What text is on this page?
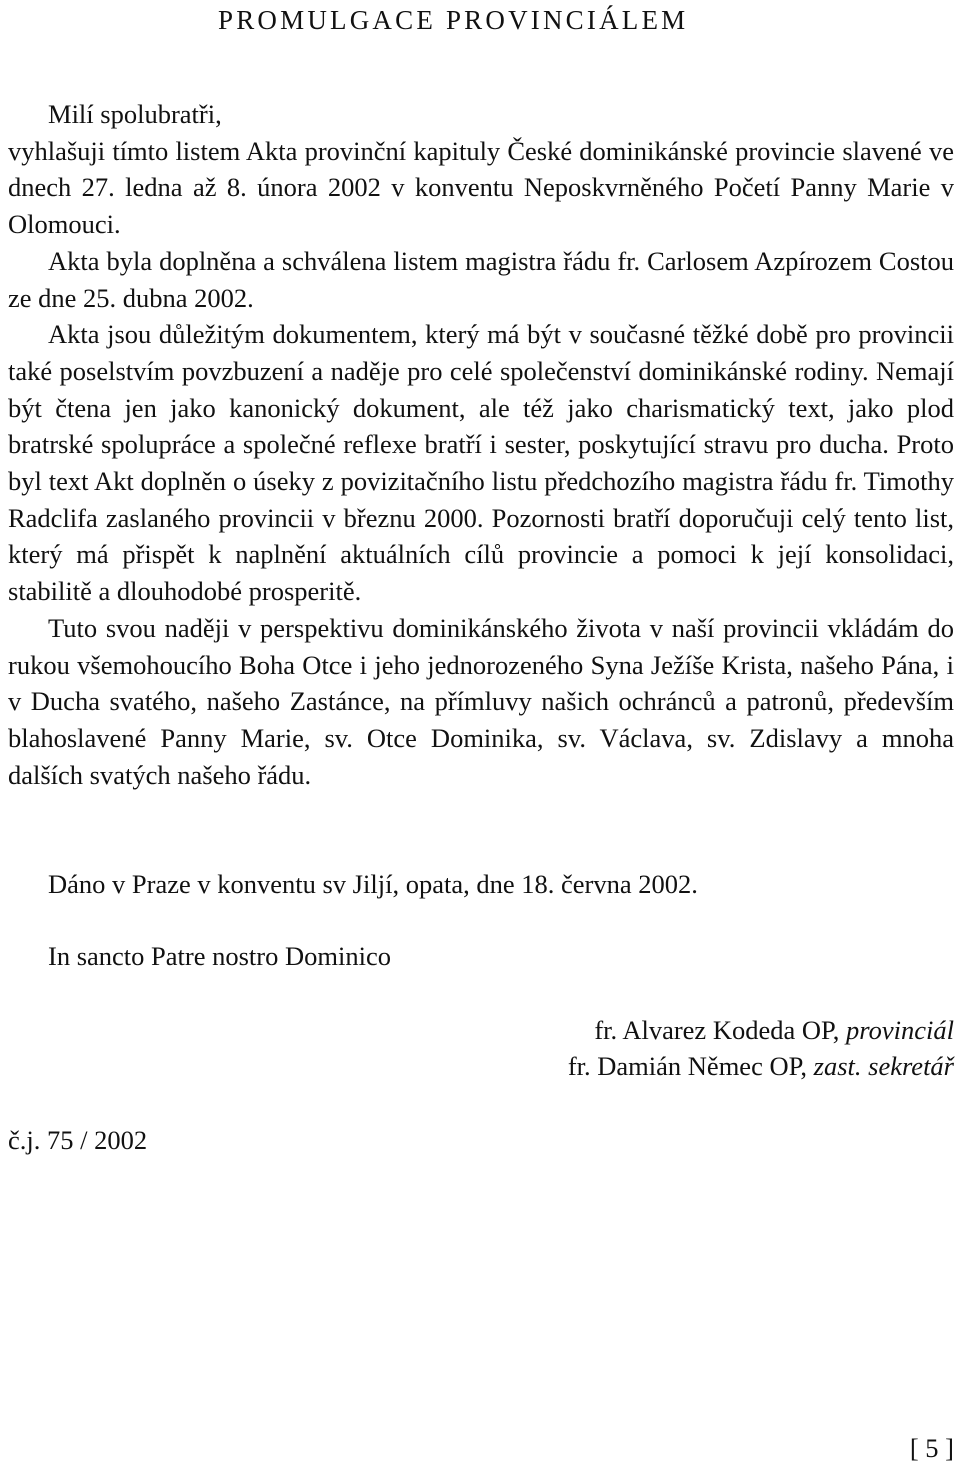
PROMULGACE PROVINCIÁLEM

Milí spolubratři,

vyhlašuji tímto listem Akta provinční kapituly České dominikánské provincie slavené ve dnech 27. ledna až 8. února 2002 v konventu Neposkvrněného Početí Panny Marie v Olomouci.

Akta byla doplněna a schválena listem magistra řádu fr. Carlosem Azpírozem Costou ze dne 25. dubna 2002.

Akta jsou důležitým dokumentem, který má být v současné těžké době pro provincii také poselstvím povzbuzení a naděje pro celé společenství dominikánské rodiny. Nemají být čtena jen jako kanonický dokument, ale též jako charismatický text, jako plod bratrské spolupráce a společné reflexe bratří i sester, poskytující stravu pro ducha. Proto byl text Akt doplněn o úseky z povizitačního listu předchozího magistra řádu fr. Timothy Radclifa zaslaného provincii v březnu 2000. Pozornosti bratří doporučuji celý tento list, který má přispět k naplnění aktuálních cílů provincie a pomoci k její konsolidaci, stabilitě a dlouhodobé prosperitě.

Tuto svou naději v perspektivu dominikánského života v naší provincii vkládám do rukou všemohoucího Boha Otce i jeho jednorozeného Syna Ježíše Krista, našeho Pána, i v Ducha svatého, našeho Zastánce, na přímluvy našich ochránců a patronů, především blahoslavené Panny Marie, sv. Otce Dominika, sv. Václava, sv. Zdislavy a mnoha dalších svatých našeho řádu.

Dáno v Praze v konventu sv Jiljí, opata, dne 18. června 2002.
In sancto Patre nostro Dominico
fr. Alvarez Kodeda OP, provinciál
fr. Damián Němec OP, zast. sekretář
č.j. 75 / 2002
[ 5 ]
